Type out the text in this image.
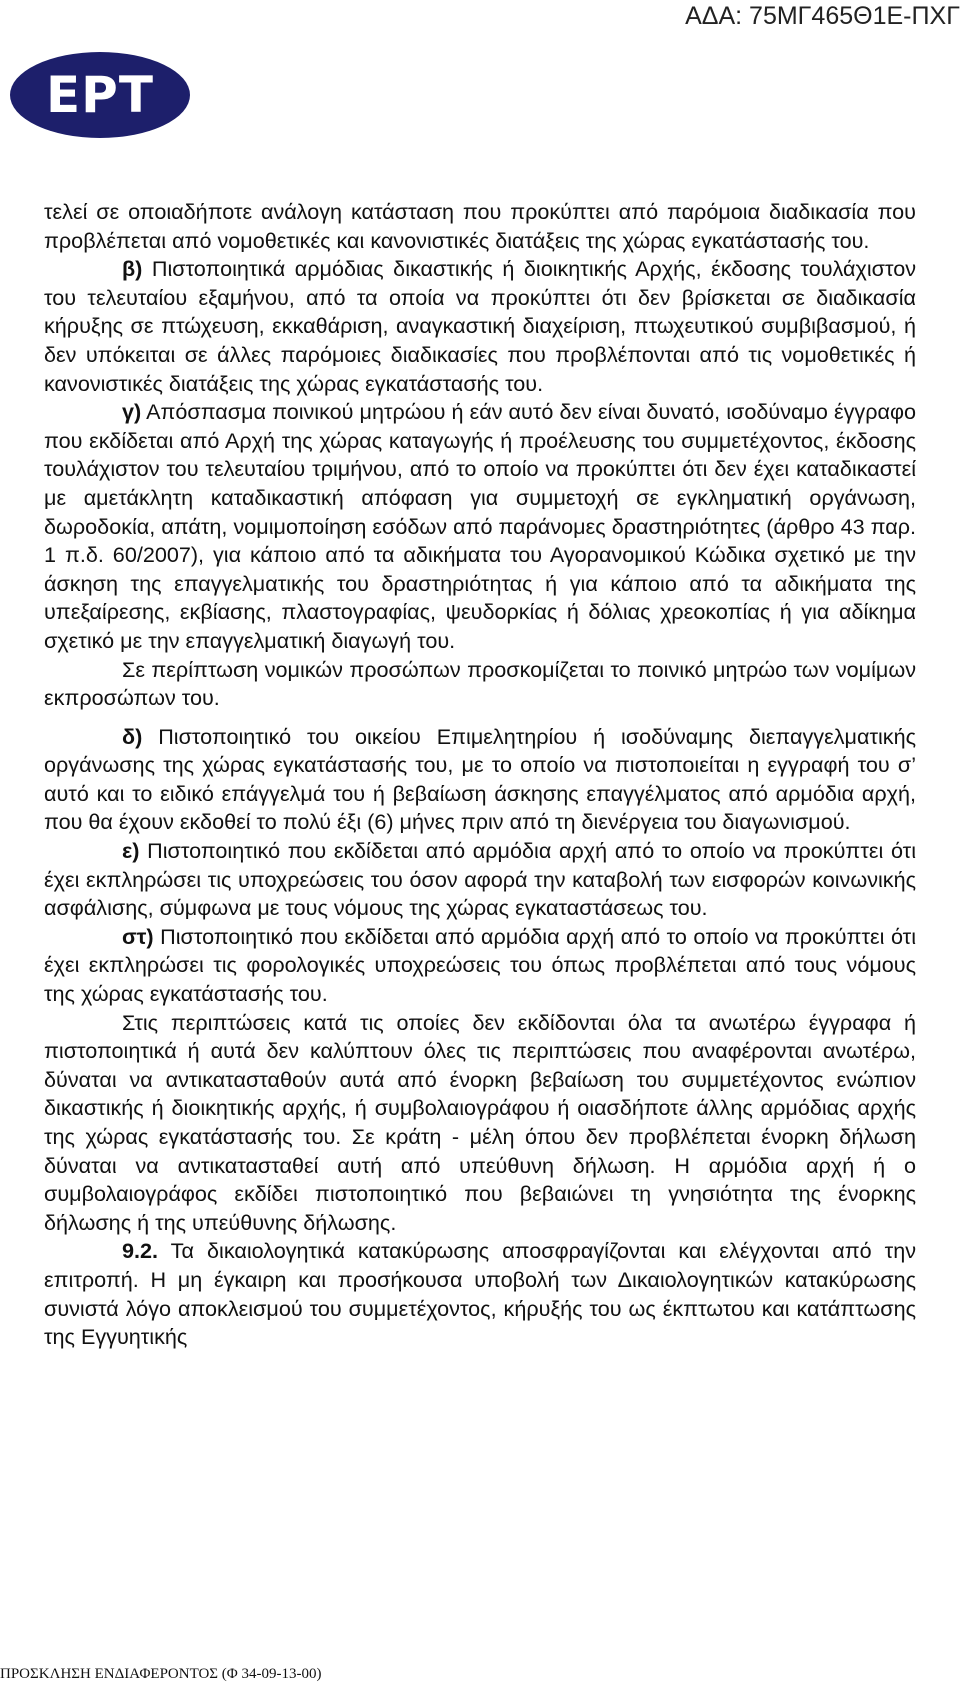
ΑΔΑ: 75ΜΓ465Θ1Ε-ΠΧΓ
ΕΡΤ

τελεί σε οποιαδήποτε ανάλογη κατάσταση που προκύπτει από παρόμοια διαδικασία που προβλέπεται από νομοθετικές και κανονιστικές διατάξεις της χώρας εγκατάστασής του.

β) Πιστοποιητικά αρμόδιας δικαστικής ή διοικητικής Αρχής, έκδοσης τουλάχιστον του τελευταίου εξαμήνου, από τα οποία να προκύπτει ότι δεν βρίσκεται σε διαδικασία κήρυξης σε πτώχευση, εκκαθάριση, αναγκαστική διαχείριση, πτωχευτικού συμβιβασμού, ή δεν υπόκειται σε άλλες παρόμοιες διαδικασίες που προβλέπονται από τις νομοθετικές ή κανονιστικές διατάξεις της χώρας εγκατάστασής του.

γ) Απόσπασμα ποινικού μητρώου ή εάν αυτό δεν είναι δυνατό, ισοδύναμο έγγραφο που εκδίδεται από Αρχή της χώρας καταγωγής ή προέλευσης του συμμετέχοντος, έκδοσης τουλάχιστον του τελευταίου τριμήνου, από το οποίο να προκύπτει ότι δεν έχει καταδικαστεί με αμετάκλητη καταδικαστική απόφαση για συμμετοχή σε εγκληματική οργάνωση, δωροδοκία, απάτη, νομιμοποίηση εσόδων από παράνομες δραστηριότητες (άρθρο 43 παρ. 1 π.δ. 60/2007), για κάποιο από τα αδικήματα του Αγορανομικού Κώδικα σχετικό με την άσκηση της επαγγελματικής του δραστηριότητας ή για κάποιο από τα αδικήματα της υπεξαίρεσης, εκβίασης, πλαστογραφίας, ψευδορκίας ή δόλιας χρεοκοπίας ή για αδίκημα σχετικό με την επαγγελματική διαγωγή του.

Σε περίπτωση νομικών προσώπων προσκομίζεται το ποινικό μητρώο των νομίμων εκπροσώπων του.

δ) Πιστοποιητικό του οικείου Επιμελητηρίου ή ισοδύναμης διεπαγγελματικής οργάνωσης της χώρας εγκατάστασής του, με το οποίο να πιστοποιείται η εγγραφή του σ’ αυτό και το ειδικό επάγγελμά του ή βεβαίωση άσκησης επαγγέλματος από αρμόδια αρχή, που θα έχουν εκδοθεί το πολύ έξι (6) μήνες πριν από τη διενέργεια του διαγωνισμού.

ε) Πιστοποιητικό που εκδίδεται από αρμόδια αρχή από το οποίο να προκύπτει ότι έχει εκπληρώσει τις υποχρεώσεις του όσον αφορά την καταβολή των εισφορών κοινωνικής ασφάλισης, σύμφωνα με τους νόμους της χώρας εγκαταστάσεως του.

στ) Πιστοποιητικό που εκδίδεται από αρμόδια αρχή από το οποίο να προκύπτει ότι έχει εκπληρώσει τις φορολογικές υποχρεώσεις του όπως προβλέπεται από τους νόμους της χώρας εγκατάστασής του.

Στις περιπτώσεις κατά τις οποίες δεν εκδίδονται όλα τα ανωτέρω έγγραφα ή πιστοποιητικά ή αυτά δεν καλύπτουν όλες τις περιπτώσεις που αναφέρονται ανωτέρω, δύναται να αντικατασταθούν αυτά από ένορκη βεβαίωση του συμμετέχοντος ενώπιον δικαστικής ή διοικητικής αρχής, ή συμβολαιογράφου ή οιασδήποτε άλλης αρμόδιας αρχής της χώρας εγκατάστασής του. Σε κράτη - μέλη όπου δεν προβλέπεται ένορκη δήλωση δύναται να αντικατασταθεί αυτή από υπεύθυνη δήλωση. Η αρμόδια αρχή ή ο συμβολαιογράφος εκδίδει πιστοποιητικό που βεβαιώνει τη γνησιότητα της ένορκης δήλωσης ή της υπεύθυνης δήλωσης.

9.2. Τα δικαιολογητικά κατακύρωσης αποσφραγίζονται και ελέγχονται από την επιτροπή. Η μη έγκαιρη και προσήκουσα υποβολή των Δικαιολογητικών κατακύρωσης συνιστά λόγο αποκλεισμού του συμμετέχοντος, κήρυξής του ως έκπτωτου και κατάπτωσης της Εγγυητικής

ΠΡΟΣΚΛΗΣΗ ΕΝΔΙΑΦΕΡΟΝΤΟΣ (Φ 34-09-13-00)
